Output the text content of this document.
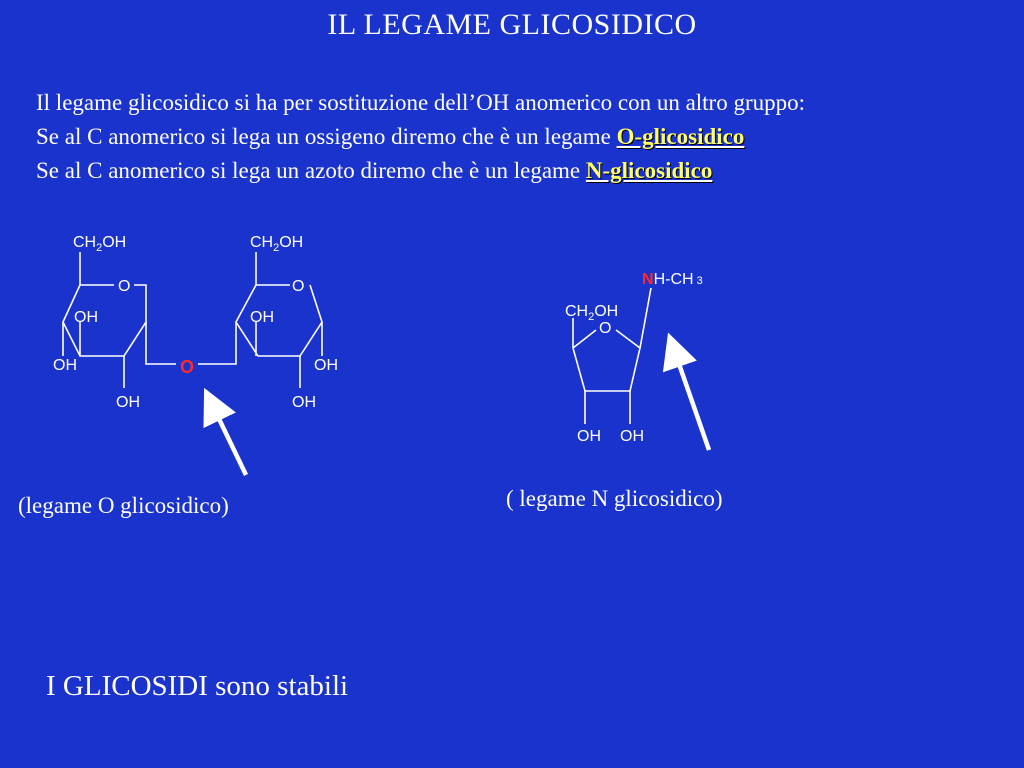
IL LEGAME GLICOSIDICO
Il legame glicosidico si ha per sostituzione dell’OH anomerico con un altro gruppo:
Se al C anomerico si lega un ossigeno diremo che è un legame O-glicosidico
Se al C anomerico si lega un azoto diremo che è un legame N-glicosidico
$CH_2OH$
O
OH
OH
OH
O
$CH_2OH$
O
OH
OH
OH
NH-CH 3
$CH_2OH$
O
OH OH
(legame O glicosidico)	( legame N glicosidico)
I GLICOSIDI sono stabili
